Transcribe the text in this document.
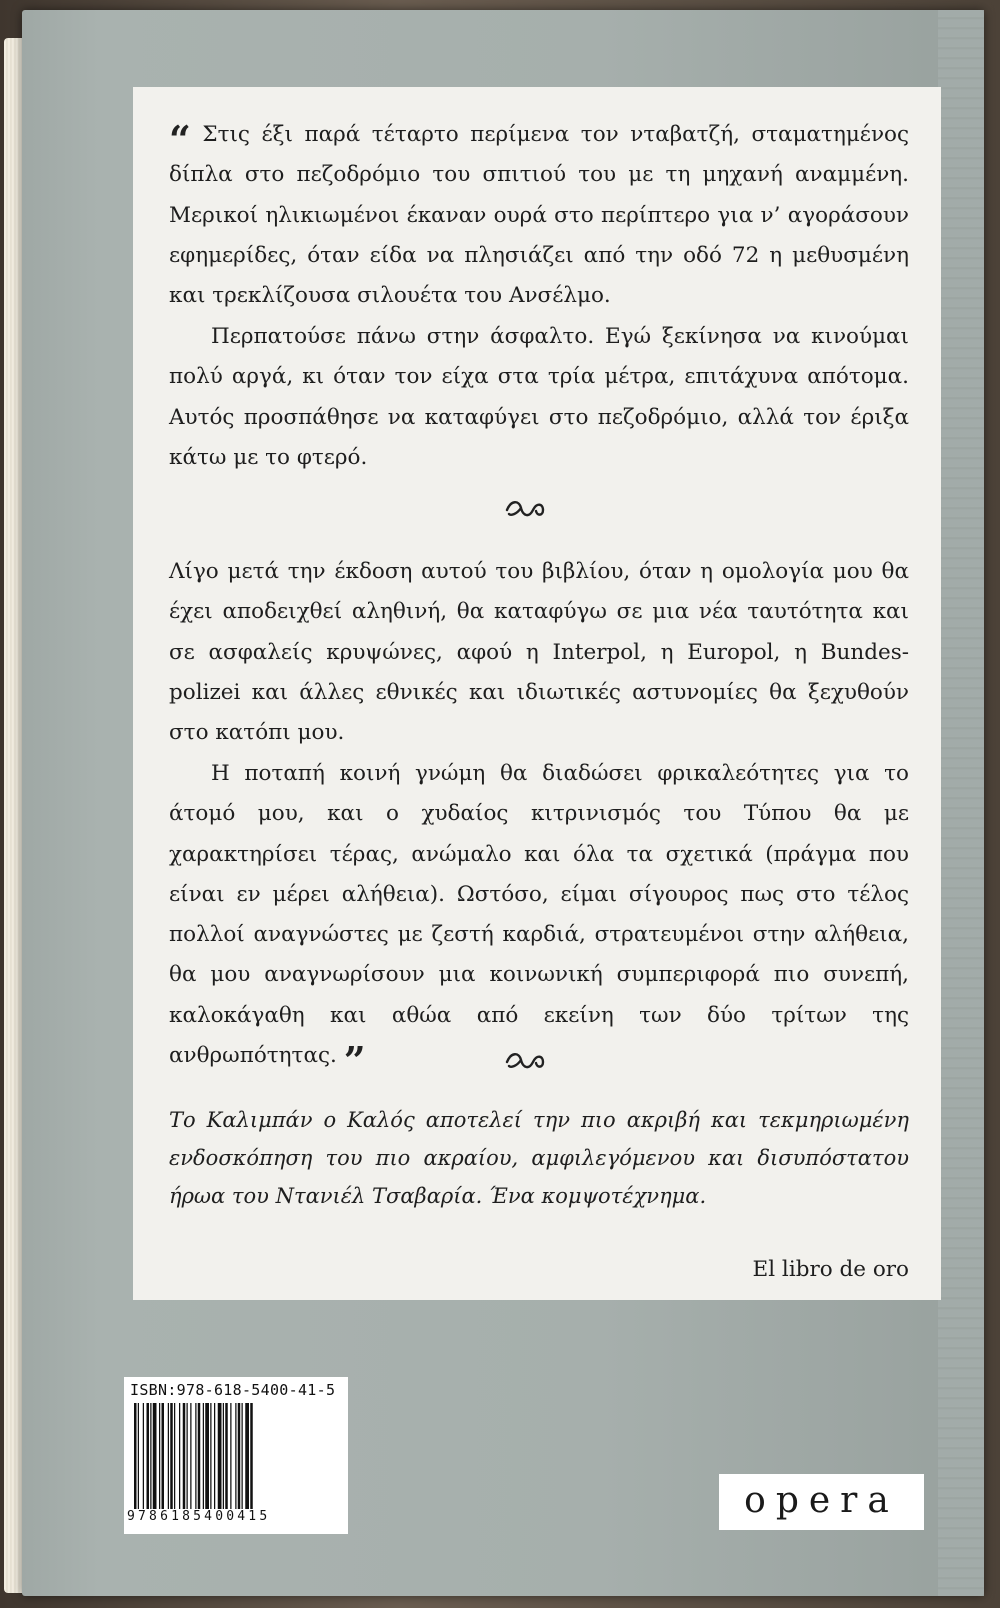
“ Στις έξι παρά τέταρτο περίμενα τον νταβατζή, σταματημένος δίπλα στο πεζοδρόμιο του σπιτιού του με τη μηχανή αναμμένη. Μερικοί ηλικιωμένοι έκαναν ουρά στο περίπτερο για ν’ αγοράσουν εφημερίδες, όταν είδα να πλησιάζει από την οδό 72 η μεθυσμένη και τρεκλίζουσα σιλουέτα του Ανσέλμο.

Περπατούσε πάνω στην άσφαλτο. Εγώ ξεκίνησα να κινούμαι πολύ αργά, κι όταν τον είχα στα τρία μέτρα, επιτάχυνα απότομα. Αυτός προσπάθησε να καταφύγει στο πεζοδρόμιο, αλλά τον έριξα κάτω με το φτερό.

Λίγο μετά την έκδοση αυτού του βιβλίου, όταν η ομολογία μου θα έχει αποδειχθεί αληθινή, θα καταφύγω σε μια νέα ταυτότητα και σε ασφαλείς κρυψώνες, αφού η Interpol, η Europol, η Bundes-polizei και άλλες εθνικές και ιδιωτικές αστυνομίες θα ξεχυθούν στο κατόπι μου.

Η ποταπή κοινή γνώμη θα διαδώσει φρικαλεότητες για το άτομό μου, και ο χυδαίος κιτρινισμός του Τύπου θα με χαρακτηρίσει τέρας, ανώμαλο και όλα τα σχετικά (πράγμα που είναι εν μέρει αλήθεια). Ωστόσο, είμαι σίγουρος πως στο τέλος πολλοί αναγνώστες με ζεστή καρδιά, στρατευμένοι στην αλήθεια, θα μου αναγνωρίσουν μια κοινωνική συμπεριφορά πιο συνεπή, καλοκάγαθη και αθώα από εκείνη των δύο τρίτων της ανθρωπότητας. ”

Το Καλιμπάν ο Καλός αποτελεί την πιο ακριβή και τεκμηριωμένη ενδοσκόπηση του πιο ακραίου, αμφιλεγόμενου και δισυπόστατου ήρωα του Ντανιέλ Τσαβαρία. Ένα κομψοτέχνημα.

El libro de oro
ISBN:978-618-5400-41-5
9786185400415	opera
